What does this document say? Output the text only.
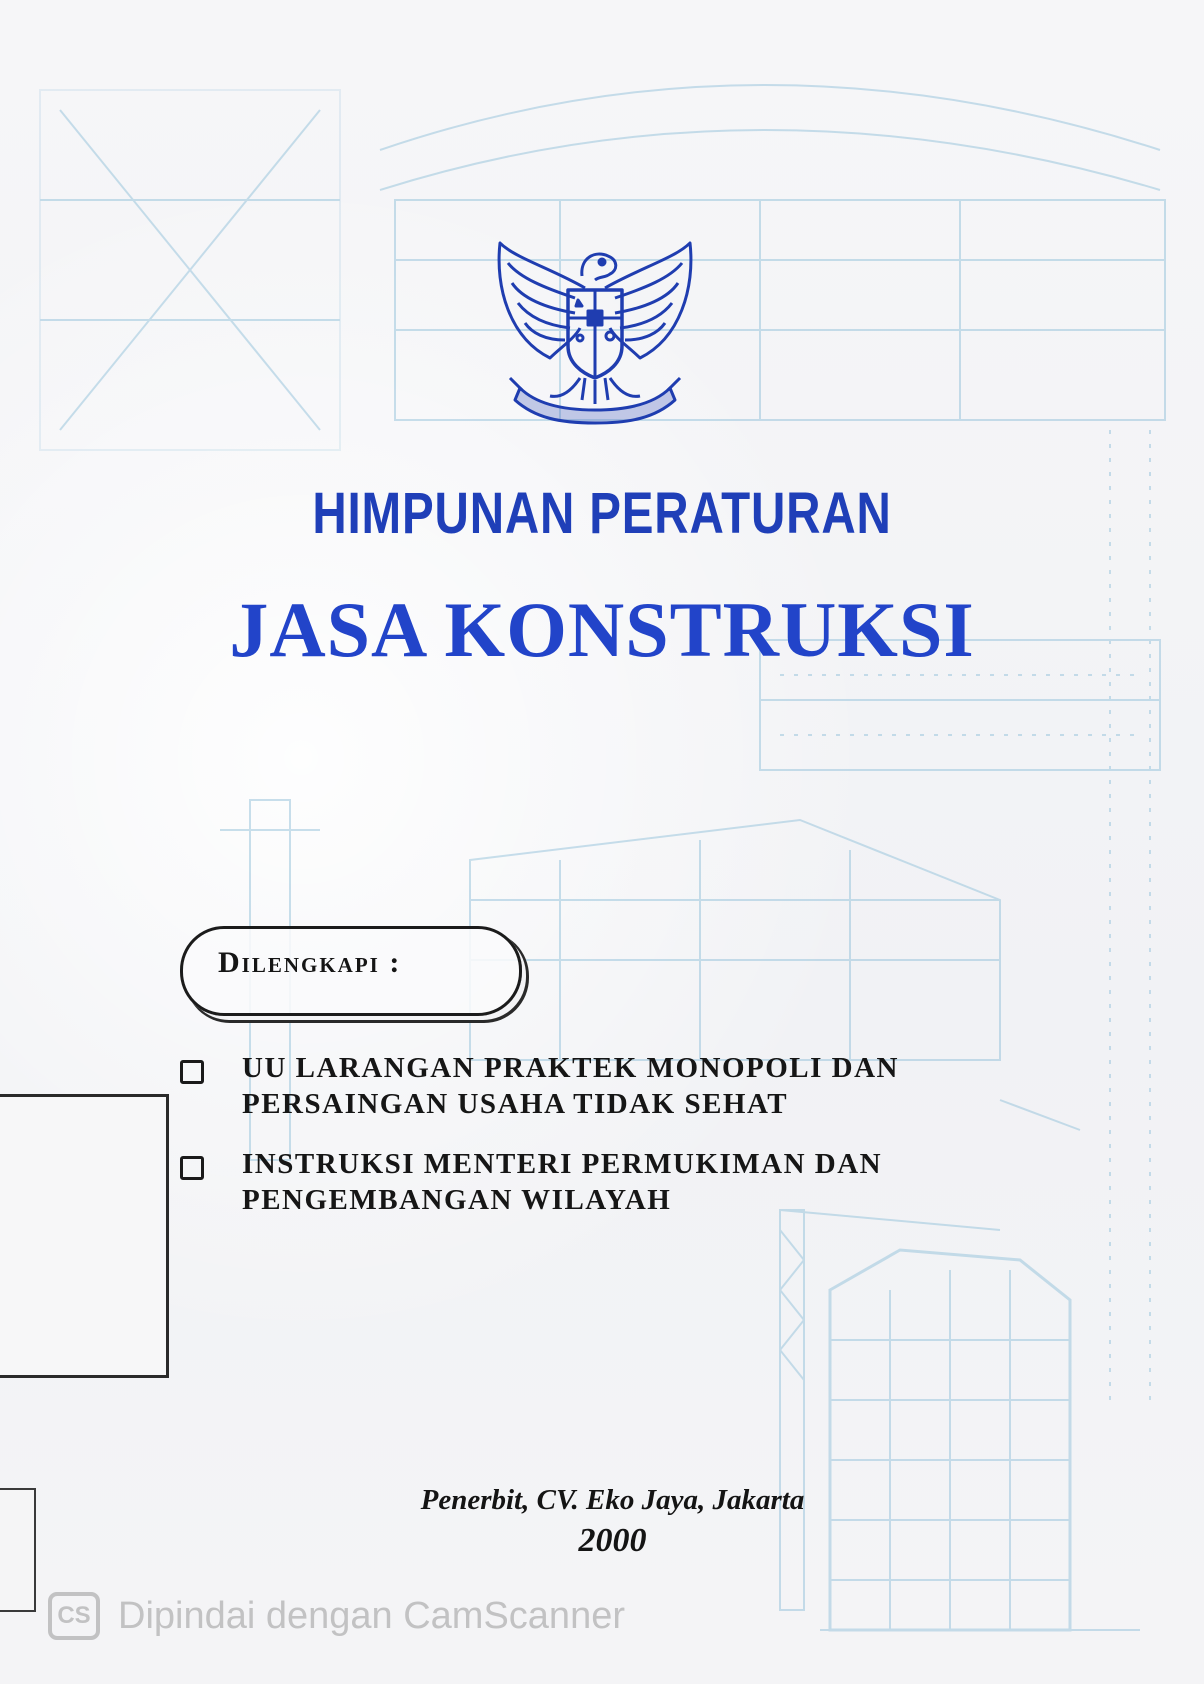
HIMPUNAN PERATURAN
JASA KONSTRUKSI
Dilengkapi :
UU LARANGAN PRAKTEK MONOPOLI DAN
PERSAINGAN USAHA TIDAK SEHAT
INSTRUKSI MENTERI PERMUKIMAN DAN
PENGEMBANGAN WILAYAH
Penerbit, CV. Eko Jaya, Jakarta
2000
CS Dipindai dengan CamScanner
